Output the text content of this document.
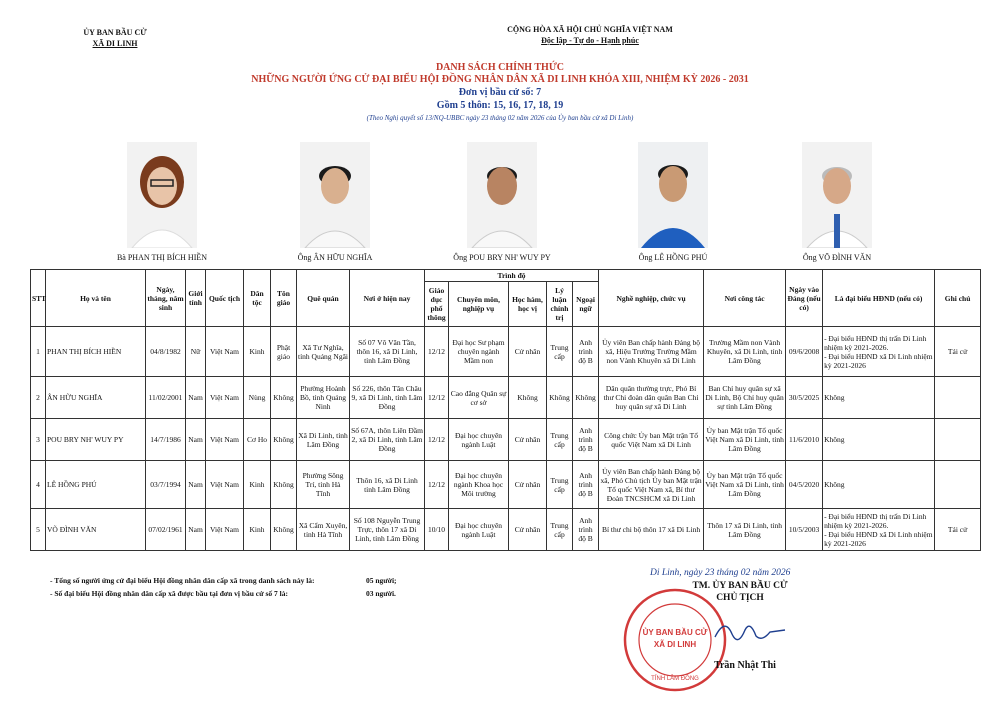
ỦY BAN BẦU CỬ
XÃ DI LINH
CỘNG HÒA XÃ HỘI CHỦ NGHĨA VIỆT NAM
Độc lập - Tự do - Hạnh phúc
DANH SÁCH CHÍNH THỨC
NHỮNG NGƯỜI ỨNG CỬ ĐẠI BIỂU HỘI ĐỒNG NHÂN DÂN XÃ DI LINH KHÓA XIII, NHIỆM KỲ 2026 - 2031
Đơn vị bầu cử số: 7
Gồm 5 thôn: 15, 16, 17, 18, 19
(Theo Nghị quyết số 13/NQ-UBBC ngày 23 tháng 02 năm 2026 của Ủy ban bầu cử xã Di Linh)
Bà PHAN THỊ BÍCH HIỀN	Ông ÂN HỮU NGHĨA	Ông POU BRY NH' WUY PY	Ông LÊ HỒNG PHÚ	Ông VÕ ĐÌNH VĂN
STT	Họ và tên	Ngày, tháng, năm sinh	Giới tính	Quốc tịch	Dân tộc	Tôn giáo	Quê quán	Nơi ở hiện nay	Trình độ					Nghề nghiệp, chức vụ	Nơi công tác	Ngày vào Đảng (nếu có)	Là đại biểu HĐND (nếu có)	Ghi chú
									Giáo dục phổ thông	Chuyên môn, nghiệp vụ	Học hàm, học vị	Lý luận chính trị	Ngoại ngữ					
1	PHAN THỊ BÍCH HIỀN	04/8/1982	Nữ	Việt Nam	Kinh	Phật giáo	Xã Tư Nghĩa, tỉnh Quảng Ngãi	Số 07 Võ Văn Tần, thôn 16, xã Di Linh, tỉnh Lâm Đồng	12/12	Đại học Sư phạm chuyên ngành Mầm non	Cử nhân	Trung cấp	Anh trình độ B	Ủy viên Ban chấp hành Đảng bộ xã, Hiệu Trưởng Trường Mầm non Vành Khuyên xã Di Linh	Trường Mầm non Vành Khuyên, xã Di Linh, tỉnh Lâm Đồng	09/6/2008	- Đại biểu HĐND thị trấn Di Linh nhiệm kỳ 2021-2026.
- Đại biểu HĐND xã Di Linh nhiệm kỳ 2021-2026	Tái cử
2	ÂN HỮU NGHĨA	11/02/2001	Nam	Việt Nam	Nùng	Không	Phường Hoành Bồ, tỉnh Quảng Ninh	Số 226, thôn Tân Châu 9, xã Di Linh, tỉnh Lâm Đồng	12/12	Cao đẳng Quân sự cơ sở	Không	Không	Không	Dân quân thường trực, Phó Bí thư Chi đoàn dân quân Ban Chỉ huy quân sự xã Di Linh	Ban Chỉ huy quân sự xã Di Linh, Bộ Chỉ huy quân sự tỉnh Lâm Đồng	30/5/2025	Không	
3	POU BRY NH' WUY PY	14/7/1986	Nam	Việt Nam	Cơ Ho	Không	Xã Di Linh, tỉnh Lâm Đồng	Số 67A, thôn Liên Đầm 2, xã Di Linh, tỉnh Lâm Đồng	12/12	Đại học chuyên ngành Luật	Cử nhân	Trung cấp	Anh trình độ B	Công chức Ủy ban Mặt trận Tổ quốc Việt Nam xã Di Linh	Ủy ban Mặt trận Tổ quốc Việt Nam xã Di Linh, tỉnh Lâm Đồng	11/6/2010	Không	
4	LÊ HỒNG PHÚ	03/7/1994	Nam	Việt Nam	Kinh	Không	Phường Sông Trí, tỉnh Hà Tĩnh	Thôn 16, xã Di Linh tỉnh Lâm Đồng	12/12	Đại học chuyên ngành Khoa học Môi trường	Cử nhân	Trung cấp	Anh trình độ B	Ủy viên Ban chấp hành Đảng bộ xã, Phó Chủ tịch Ủy ban Mặt trận Tổ quốc Việt Nam xã, Bí thư Đoàn TNCSHCM xã Di Linh	Ủy ban Mặt trận Tổ quốc Việt Nam xã Di Linh, tỉnh Lâm Đồng	04/5/2020	Không	
5	VÕ ĐÌNH VĂN	07/02/1961	Nam	Việt Nam	Kinh	Không	Xã Cẩm Xuyên, tỉnh Hà Tĩnh	Số 108 Nguyễn Trung Trực, thôn 17 xã Di Linh, tỉnh Lâm Đồng	10/10	Đại học chuyên ngành Luật	Cử nhân	Trung cấp	Anh trình độ B	Bí thư chi bộ thôn 17 xã Di Linh	Thôn 17 xã Di Linh, tỉnh Lâm Đồng	10/5/2003	- Đại biểu HĐND thị trấn Di Linh nhiệm kỳ 2021-2026.
- Đại biểu HĐND xã Di Linh nhiệm kỳ 2021-2026	Tái cử
- Tổng số người ứng cử đại biểu Hội đồng nhân dân cấp xã trong danh sách này là:	05 người;
- Số đại biểu Hội đồng nhân dân cấp xã được bầu tại đơn vị bầu cử số 7 là:	03 người.
Di Linh, ngày 23 tháng 02 năm 2026
TM. ỦY BAN BẦU CỬ
CHỦ TỊCH
ỦY BAN BẦU CỬ
XÃ DI LINH
TỈNH LÂM ĐỒNG
Trần Nhật Thi
